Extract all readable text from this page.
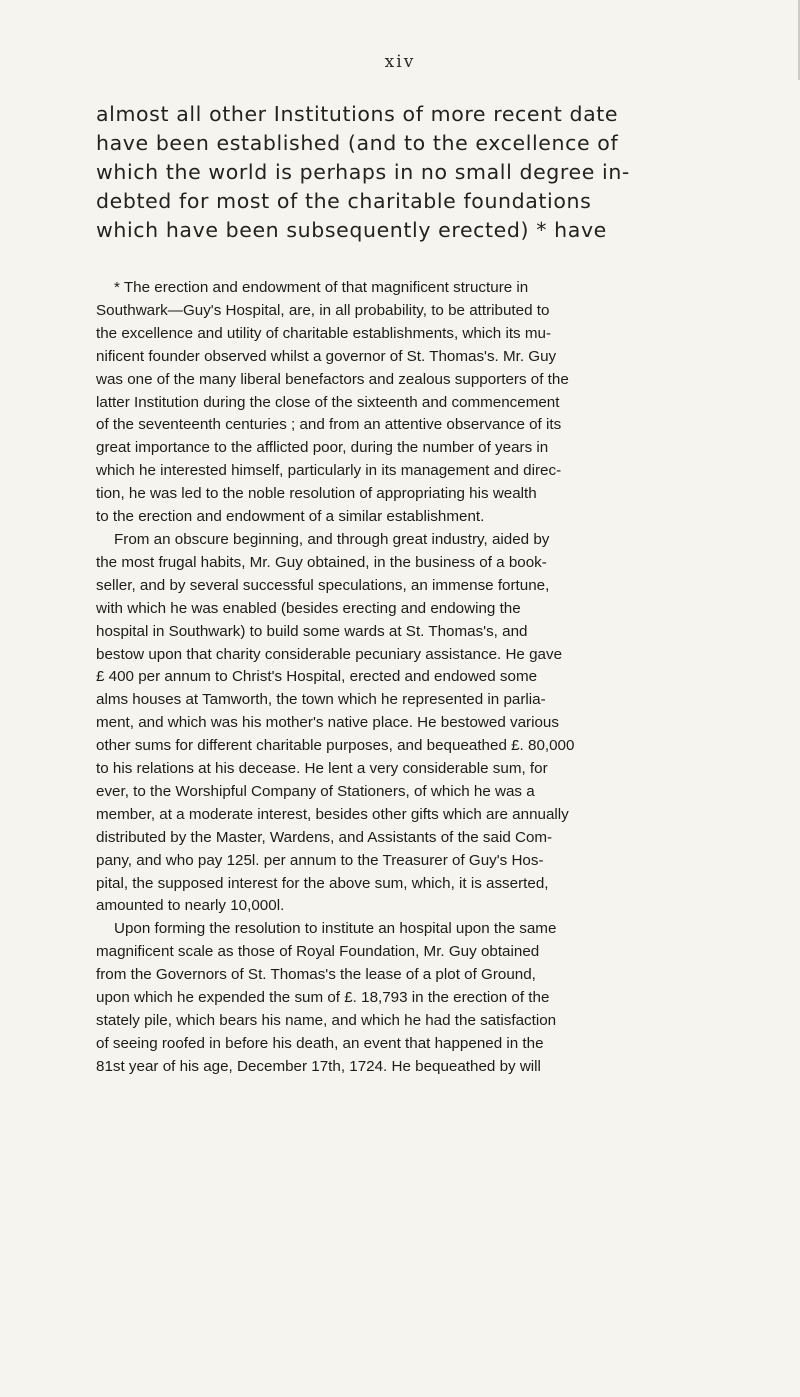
xiv
almost all other Institutions of more recent date
have been established (and to the excellence of
which the world is perhaps in no small degree in-
debted for most of the charitable foundations
which have been subsequently erected) * have
* The erection and endowment of that magnificent structure in
Southwark—Guy's Hospital, are, in all probability, to be attributed to
the excellence and utility of charitable establishments, which its mu-
nificent founder observed whilst a governor of St. Thomas's. Mr. Guy
was one of the many liberal benefactors and zealous supporters of the
latter Institution during the close of the sixteenth and commencement
of the seventeenth centuries ; and from an attentive observance of its
great importance to the afflicted poor, during the number of years in
which he interested himself, particularly in its management and direc-
tion, he was led to the noble resolution of appropriating his wealth
to the erection and endowment of a similar establishment.
From an obscure beginning, and through great industry, aided by
the most frugal habits, Mr. Guy obtained, in the business of a book-
seller, and by several successful speculations, an immense fortune,
with which he was enabled (besides erecting and endowing the
hospital in Southwark) to build some wards at St. Thomas's, and
bestow upon that charity considerable pecuniary assistance. He gave
£ 400 per annum to Christ's Hospital, erected and endowed some
alms houses at Tamworth, the town which he represented in parlia-
ment, and which was his mother's native place. He bestowed various
other sums for different charitable purposes, and bequeathed £. 80,000
to his relations at his decease. He lent a very considerable sum, for
ever, to the Worshipful Company of Stationers, of which he was a
member, at a moderate interest, besides other gifts which are annually
distributed by the Master, Wardens, and Assistants of the said Com-
pany, and who pay 125l. per annum to the Treasurer of Guy's Hos-
pital, the supposed interest for the above sum, which, it is asserted,
amounted to nearly 10,000l.
Upon forming the resolution to institute an hospital upon the same
magnificent scale as those of Royal Foundation, Mr. Guy obtained
from the Governors of St. Thomas's the lease of a plot of Ground,
upon which he expended the sum of £. 18,793 in the erection of the
stately pile, which bears his name, and which he had the satisfaction
of seeing roofed in before his death, an event that happened in the
81st year of his age, December 17th, 1724. He bequeathed by will
